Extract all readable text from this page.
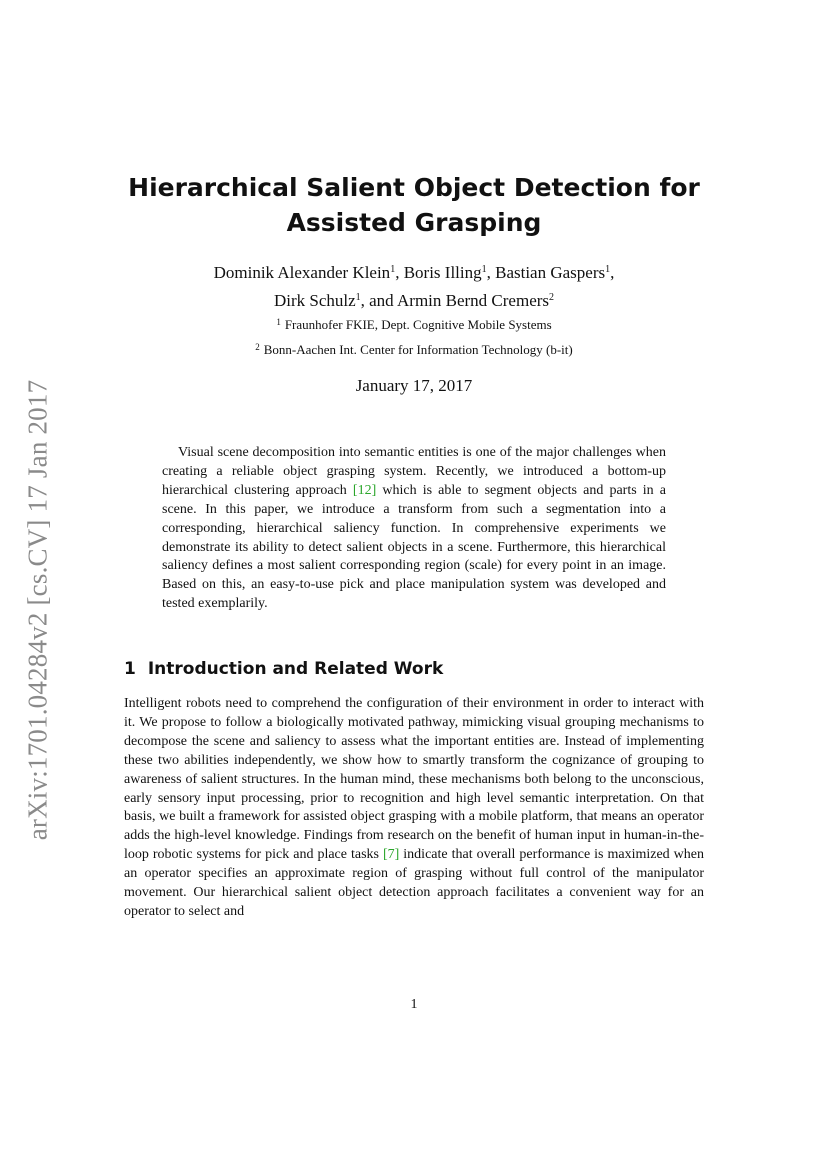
arXiv:1701.04284v2 [cs.CV] 17 Jan 2017
Hierarchical Salient Object Detection for
Assisted Grasping
Dominik Alexander Klein$^1$, Boris Illing$^1$, Bastian Gaspers$^1$,
Dirk Schulz$^1$, and Armin Bernd Cremers$^2$
$^1$ Fraunhofer FKIE, Dept. Cognitive Mobile Systems
$^2$ Bonn-Aachen Int. Center for Information Technology (b-it)
January 17, 2017

Visual scene decomposition into semantic entities is one of the major challenges when creating a reliable object grasping system. Recently, we introduced a bottom-up hierarchical clustering approach [12] which is able to segment objects and parts in a scene. In this paper, we introduce a transform from such a segmentation into a corresponding, hierarchical saliency function. In comprehensive experiments we demonstrate its ability to detect salient objects in a scene. Furthermore, this hierarchical saliency defines a most salient corresponding region (scale) for every point in an image. Based on this, an easy-to-use pick and place manipulation system was developed and tested exemplarily.

1 Introduction and Related Work

Intelligent robots need to comprehend the configuration of their environment in order to interact with it. We propose to follow a biologically motivated pathway, mimicking visual grouping mechanisms to decompose the scene and saliency to assess what the important entities are. Instead of implementing these two abilities independently, we show how to smartly transform the cognizance of grouping to awareness of salient structures. In the human mind, these mechanisms both belong to the unconscious, early sensory input processing, prior to recognition and high level semantic interpretation. On that basis, we built a framework for assisted object grasping with a mobile platform, that means an operator adds the high-level knowledge. Findings from research on the benefit of human input in human-in-the-loop robotic systems for pick and place tasks [7] indicate that overall performance is maximized when an operator specifies an approximate region of grasping without full control of the manipulator movement. Our hierarchical salient object detection approach facilitates a convenient way for an operator to select and

1
